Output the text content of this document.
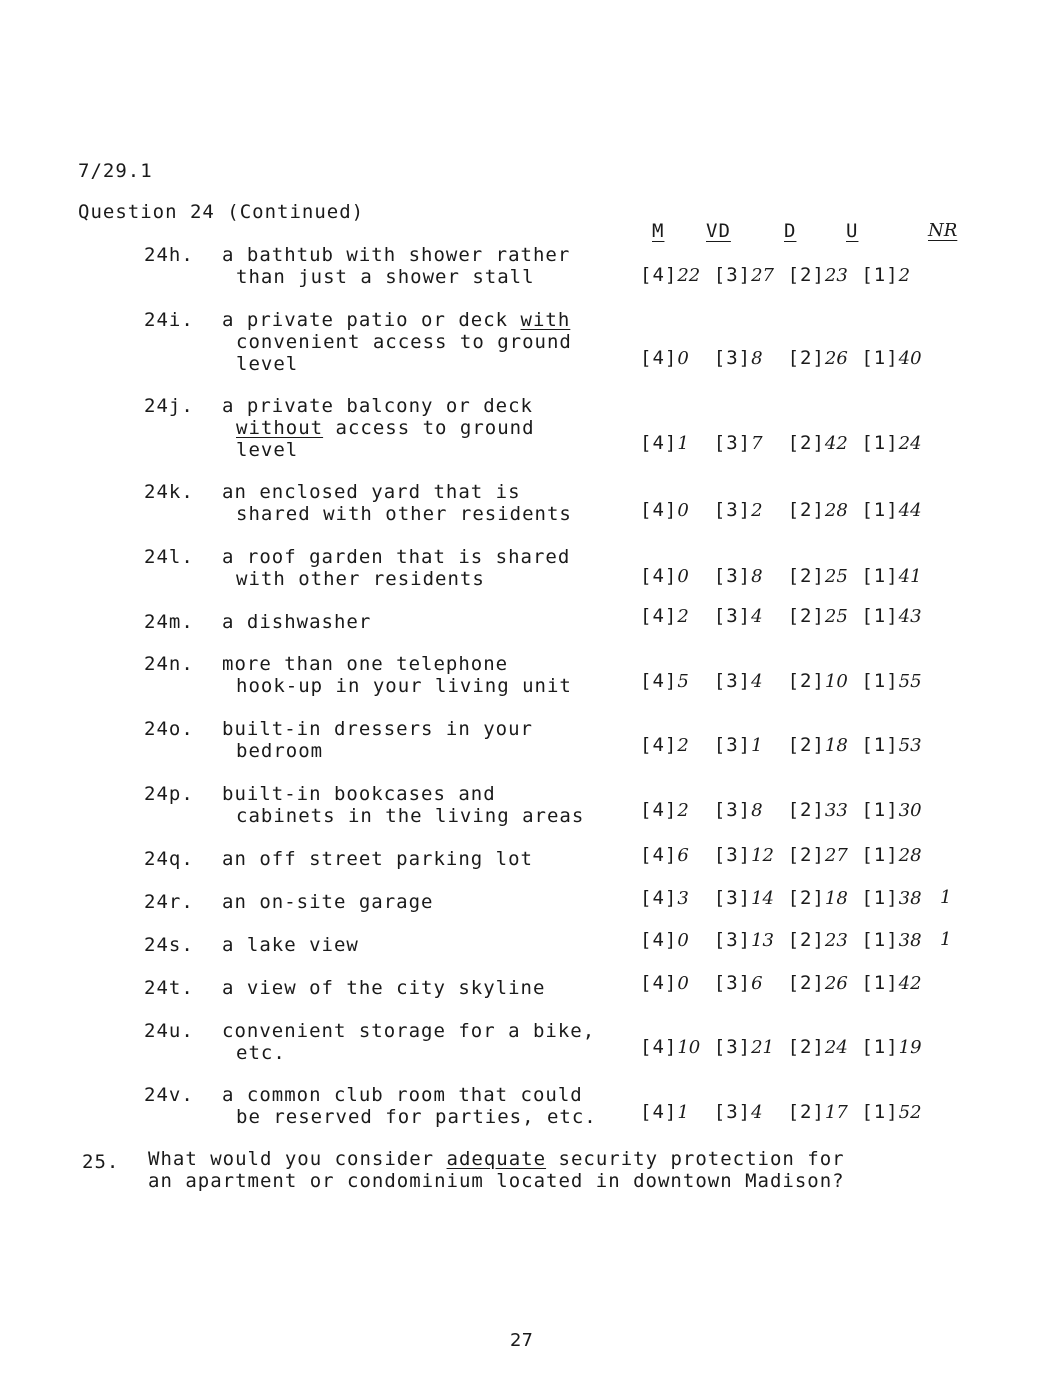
7/29.1
Question 24 (Continued)
M VD	D	U	NR
24h. a bathtub with shower rather
than just a shower stall	[4]22 [3]27 [2]23 [1]2
24i. a private patio or deck with
convenient access to ground
level	[4]0 [3]8 [2]26 [1]40
24j. a private balcony or deck
without access to ground
level	[4]1 [3]7 [2]42 [1]24
24k. an enclosed yard that is
shared with other residents	[4]0 [3]2 [2]28 [1]44
24l. a roof garden that is shared
with other residents	[4]0 [3]8 [2]25 [1]41
24m. a dishwasher	[4]2 [3]4 [2]25 [1]43
24n. more than one telephone
hook-up in your living unit	[4]5 [3]4 [2]10 [1]55
24o. built-in dressers in your
bedroom	[4]2 [3]1 [2]18 [1]53
24p. built-in bookcases and
cabinets in the living areas	[4]2 [3]8 [2]33 [1]30
24q. an off street parking lot	[4]6 [3]12 [2]27 [1]28
24r. an on-site garage	[4]3 [3]14 [2]18 [1]38 1
24s. a lake view	[4]0 [3]13 [2]23 [1]38 1
24t. a view of the city skyline	[4]0 [3]6 [2]26 [1]42
24u. convenient storage for a bike,
etc.	[4]10 [3]21 [2]24 [1]19
24v. a common club room that could
be reserved for parties, etc. [4]1 [3]4 [2]17 [1]52
25. What would you consider adequate security protection for
an apartment or condominium located in downtown Madison?
27
